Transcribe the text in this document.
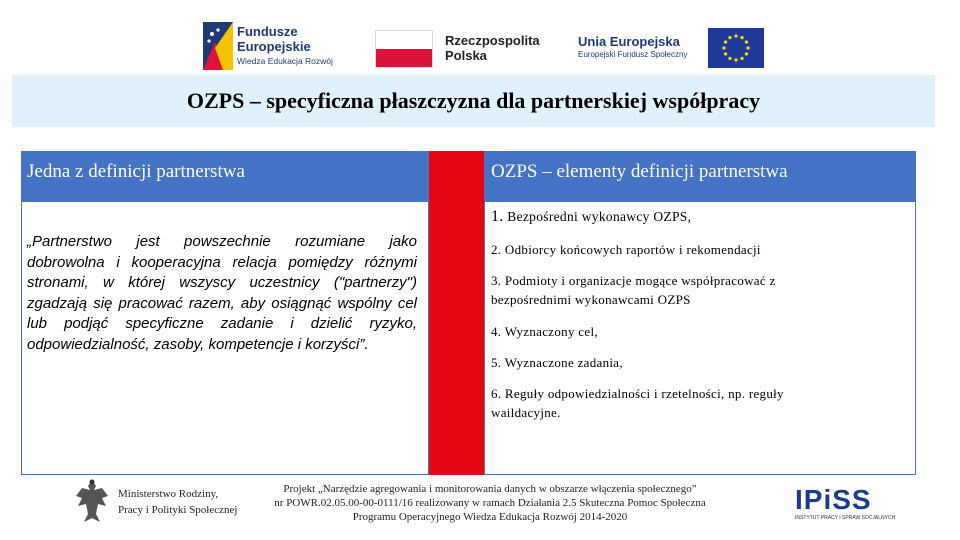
Fundusze
Europejskie
Wiedza Edukacja Rozwój
Rzeczpospolita
Polska
Unia Europejska
Europejski Fundusz Społeczny
OZPS – specyficzna płaszczyzna dla partnerskiej współpracy
Jedna z definicji partnerstwa
„Partnerstwo jest powszechnie rozumiane jako dobrowolna i kooperacyjna relacja pomiędzy różnymi stronami, w której wszyscy uczestnicy ("partnerzy") zgadzają się pracować razem, aby osiągnąć wspólny cel lub podjąć specyficzne zadanie i dzielić ryzyko, odpowiedzialność, zasoby, kompetencje i korzyści”.
OZPS – elementy definicji partnerstwa
1. Bezpośredni wykonawcy OZPS,
2. Odbiorcy końcowych raportów i rekomendacji
3. Podmioty i organizacje mogące współpracować z bezpośrednimi wykonawcami OZPS
4. Wyznaczony cel,
5. Wyznaczone zadania,
6. Reguły odpowiedzialności i rzetelności, np. reguły waildacyjne.
Ministerstwo Rodziny,
Pracy i Polityki Społecznej
Projekt „Narzędzie agregowania i monitorowania danych w obszarze włączenia społecznego”
nr POWR.02.05.00-00-0111/16 realizowany w ramach Działania 2.5 Skuteczna Pomoc Społeczna
Programu Operacyjnego Wiedza Edukacja Rozwój 2014-2020
IPiSS
INSTYTUT PRACY I SPRAW SOCJALNYCH
